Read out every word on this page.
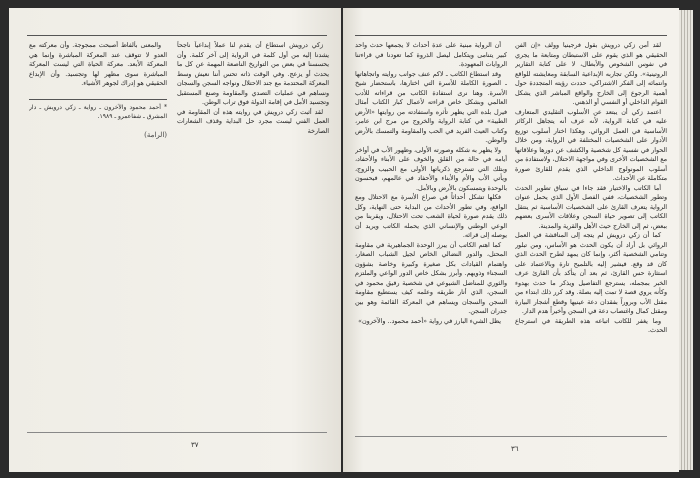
زكي درويش استطاع أن يقدم لنا عملاً إبداعياً ناجحاً يشدنا إليه من أول كلمة في الرواية إلى آخر كلمة. وأن يحسسنا في بعض من التواريخ الناصعة المهمة عن كل ما يحدث أو يزعج. وفي الوقت ذاته تحس أننا نعيش وسط المعركة المحتدمة مع جند الاحتلال ونواجه السجن والسجان ونساهم في عمليات التصدي والمقاومة وصنع المستقبل وتجسيد الأمل في إقامة الدولة فوق تراب الوطن.

لقد أثبت زكي درويش في روايته هذه أن المقاومة في العمل الفني ليست مجرد حل البداية وقذف الشعارات الصارخة

والمعنى بألفاظ أصبحت ممجوجة. وأن معركته مع العدو لا تتوقف عند المعركة المباشرة وإنما هي المعركة الأبعد. معركة الحياة التي ليست المعركة المباشرة سوى مظهر لها وتجسيد. وأن الإبداع الحقيقي هو إدراك لجوهر الأشياء.

* أحمد محمود والآخرون ـ رواية ـ زكي درويش ـ دار المشرق ـ شفاعمرو ـ ١٩٨٩.
(الرامة)
٣٧

لقد أمن زكي درويش بقول فرجينيا وولف «إن الفن الحقيقي هو الذي يقوم على الاستبطان ومتابعة ما يجري في نفوس الشخوص والأبطال، لا على كتابة التقارير الروتينية». ولكن تجاربه الإبداعية السابقة ومعايشته للواقع وانتمائه إلى الفكر الاشتراكي، حددت رؤيته المتجددة حول أهمية الرجوع إلى الخارج والواقع المباشر الذي يشكل القوام الداخلي أو النفسي أو الذهني.

اعتمد زكي أن يبتعد عن الأسلوب التقليدي المتعارف عليه في كتابة الرواية، لأنه عرف أنه يتجاهل الركائز الأساسية في العمل الروائي. وهكذا اختار أسلوب توزيع الأدوار على الشخصيات المختلفة في الرواية، ومن خلال الحوار في نفسية كل شخصية والكشف عن دورها وعلاقاتها مع الشخصيات الأخرى وفي مواجهة الاحتلال، ولاستفادة من أسلوب المونولوج الداخلي الذي يقدم للقارئ صورة متكاملة عن الأحداث.

أما الكاتب والاختيار فقد جاءا في سياق تطوير الحدث وتطور الشخصيات، ففي الفصل الأول الذي يحمل عنوان الرواية يتعرف القارئ على الشخصيات الأساسية ثم ينتقل الكاتب إلى تصوير حياة السجن وعلاقات الأسرى بعضهم ببعض، ثم إلى الخارج حيث الأهل والقرية والمدينة.

كما أن زكي درويش لم يتجه إلى المناقشة في العمل الروائي بل أراد أن يكون الحدث هو الأساس، ومن تبلور وتنامي الشخصية أكثر، وإنما كان يمهد لطرح الحدث الذي كان قد وقع. فيشير إليه بالتلميح تارة وبالاعتماد على استثارة حس القارئ، ثم بعد أن يتأكد بأن القارئ عرف الخبر بمجمله، يسترجع التفاصيل ويذكر ما حدث بهدوء وكأنه يروي قصة لا تمت إليه بصلة. وقد كرر ذلك ابتداء من مقتل الأب وبروراً بفقدان دعة عينيها وقطع أشجار البيارة ومقتل كمال واغتصاب دعة في السجن وأخيراً هدم الدار.

وما يغفر للكاتب اتباعه هذه الطريقة في استرجاع الحدث.

أن الرواية مبنية على عدة أحداث لا يجمعها حدث واحد كبير يتنامى ويتكامل ليصل الذروة كما تعودنا في قراءتنا الروايات المعهودة.

وقد استطاع الكاتب ـ لاكم عنف جوانب روايته واتجاهاتها ـ الصورة الكاملة للأسرة التي اختارها، باستحضار شيخ الأسرة. وهنا نرى استفادة الكاتب من قراءاته للأدب العالمي وبشكل خاص قراءته لأعمال كبار الكتاب أمثال فيرل بلده التي يظهر تأثره واستفادته من روايتها «الأرض الطيبة» في كتابة الرواية والخروج من مرج ابن عامر، وكتاب العيث الفريد في الحب والمقاومة والتمسك بالأرض والوطن.

ولا يظهر به شكله وصورته الأولى، وظهور الأب في أواخر أيامه في حالة من القلق والخوف على الأبناء والأحفاد، وبتلك التي تسترجع ذكرياتها الأولى مع الحبيب والزوج، ويأتي الأب والأم والأبناء والأحفاد في عالمهم، فيحسون بالوحدة ويتمسكون بالأرض وبالأمل.

فكلها تشكل أحداثاً في صراع الأسرة مع الاحتلال ومع الواقع، وفي تطور الأحداث من البداية حتى النهاية، وكل ذلك يقدم صورة لحياة الشعب تحت الاحتلال، ويقربنا من الوعي الوطني والإنساني الذي يحمله الكاتب ويريد أن يوصله إلى قرائه.

كما اهتم الكاتب أن يبرز الوحدة الجماهيرية في مقاومة المحتل، والدور النضالي الخاص لجيل الشباب الصغار، واهتمام القيادات بكل صغيرة وكبيرة وخاصة بشؤون السجناء وذويهم. وأبرز بشكل خاص الدور الواعي والملتزم والثوري للمناضل الشيوعي في شخصية رفيق محمود في السجن، الذي أنار طريقه وعلمه كيف يستطيع مقاومة السجن والسجان ويساهم في المعركة القائمة وهو بين جدران السجن.

يظل الشيء البارز في رواية «أحمد محمود.. والآخرون»

٣٦
